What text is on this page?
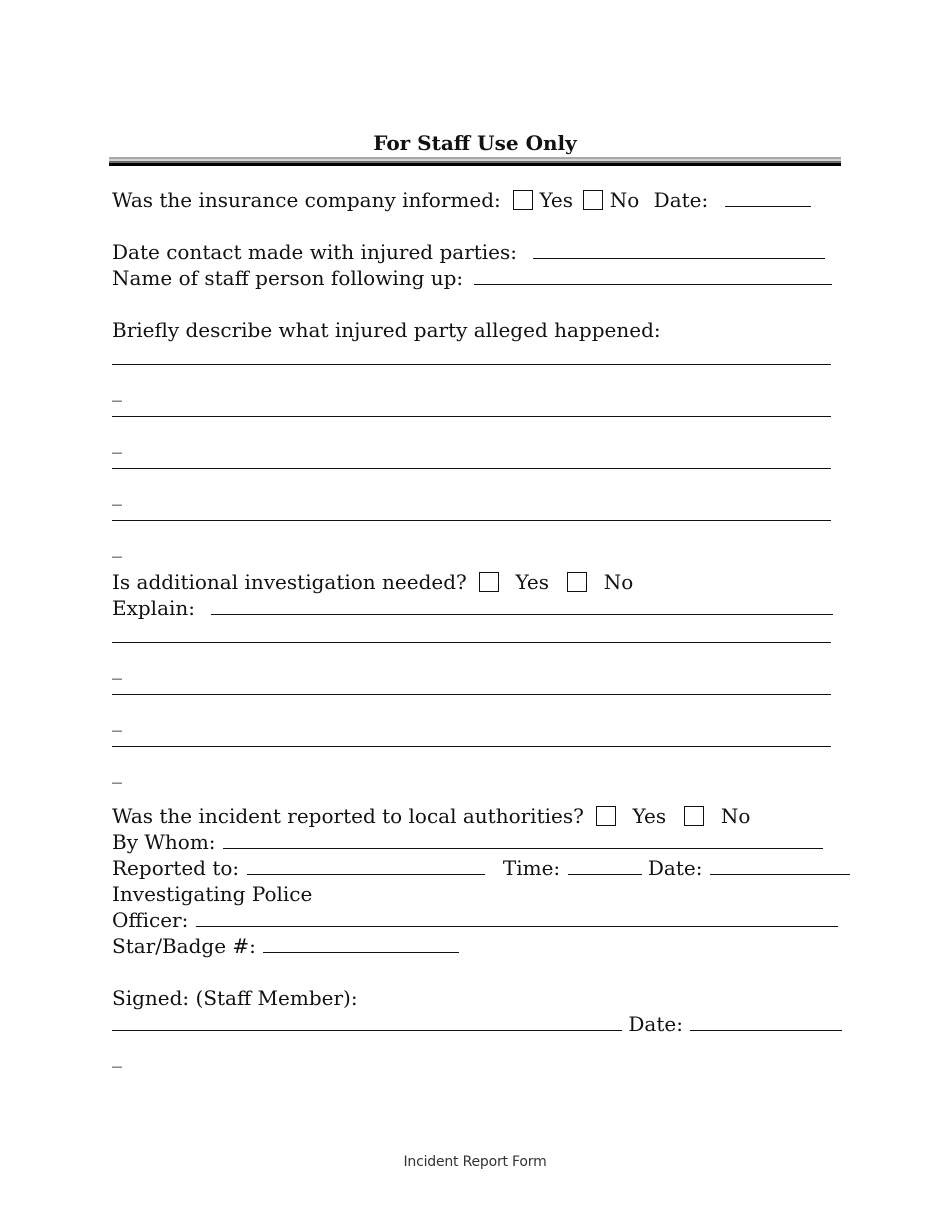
For Staff Use Only
Was the insurance company informed: Yes No Date:
Date contact made with injured parties:
Name of staff person following up:
Briefly describe what injured party alleged happened:
_
_
_
_
Is additional investigation needed? Yes	No
Explain:
_
_
_
Was the incident reported to local authorities? Yes	No
By Whom:
Reported to:	Time:	Date:
Investigating Police
Officer:
Star/Badge #:
Signed: (Staff Member):
Date:
_
Incident Report Form
